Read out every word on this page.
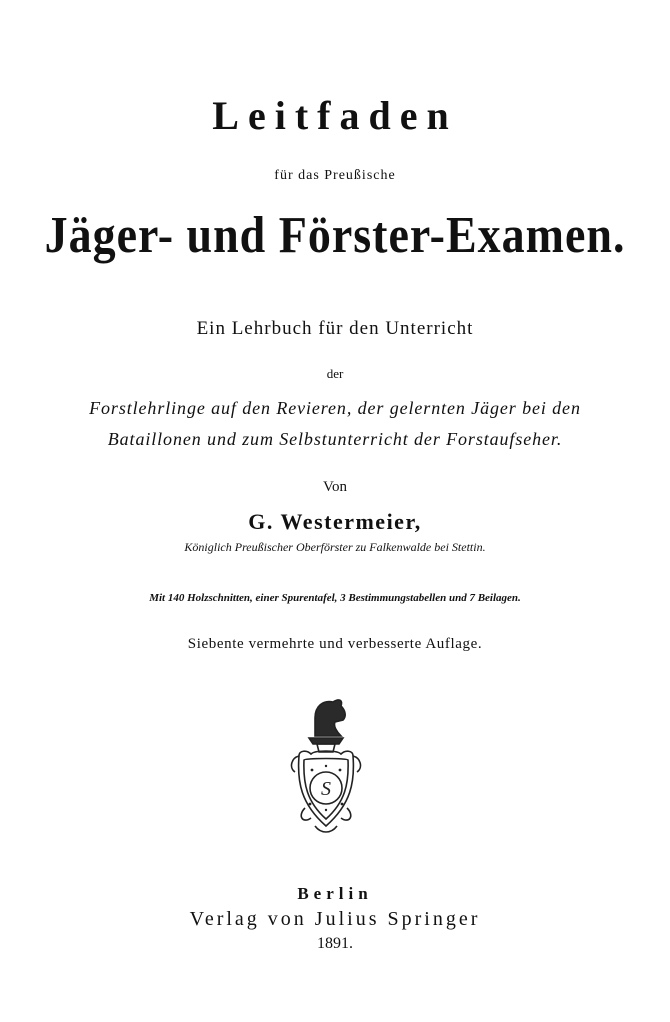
Leitfaden
für das Preußische
Jäger- und Förster-Examen.
Ein Lehrbuch für den Unterricht
der
Forstlehrlinge auf den Revieren, der gelernten Jäger bei den
Bataillonen und zum Selbstunterricht der Forstaufseher.
Von
G. Westermeier,
Königlich Preußischer Oberförster zu Falkenwalde bei Stettin.
Mit 140 Holzschnitten, einer Spurentafel, 3 Bestimmungstabellen und 7 Beilagen.
Siebente vermehrte und verbesserte Auflage.
S
Berlin
Verlag von Julius Springer
1891.
